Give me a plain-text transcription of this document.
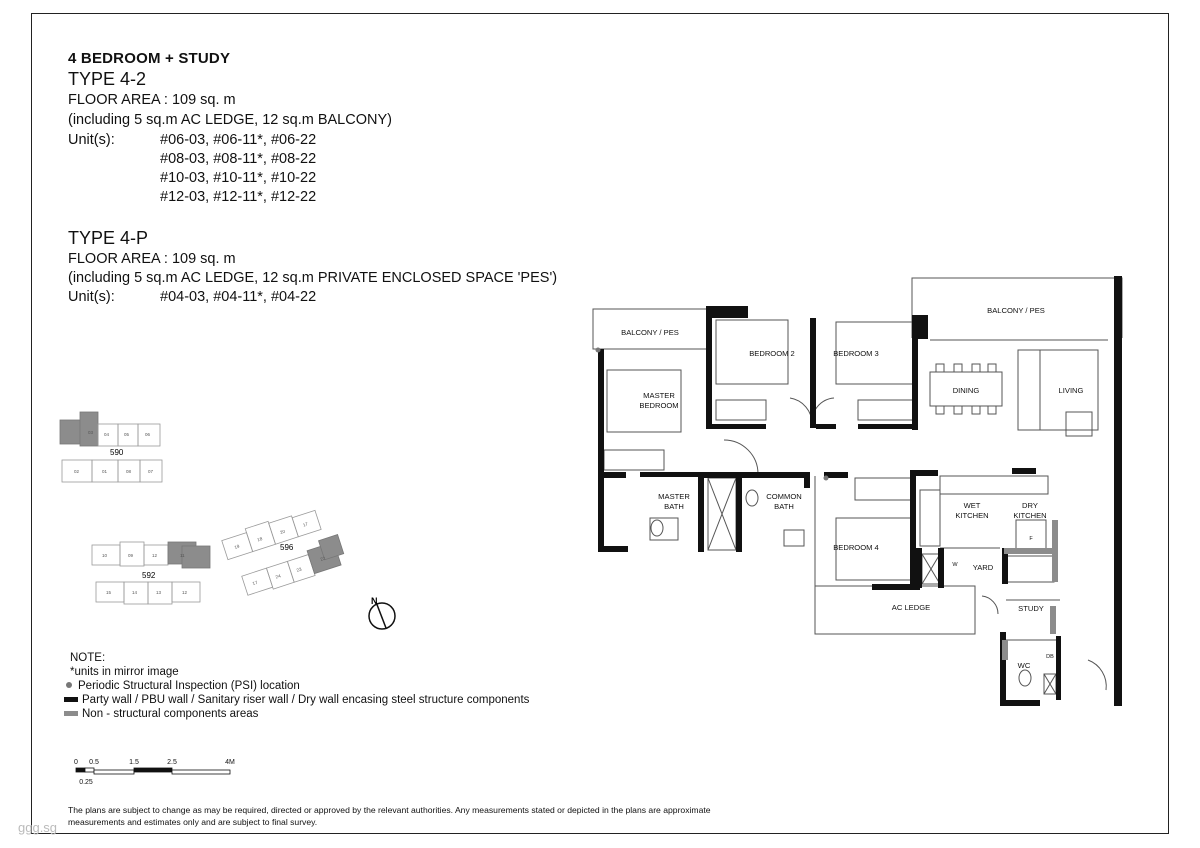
4 BEDROOM + STUDY
TYPE 4-2
FLOOR AREA : 109 sq. m
(including 5 sq.m AC LEDGE, 12 sq.m BALCONY)
Unit(s):	#06-03, #06-11*, #06-22
#08-03, #08-11*, #08-22
#10-03, #10-11*, #10-22
#12-03, #12-11*, #12-22
TYPE 4-P
FLOOR AREA : 109 sq. m
(including 5 sq.m AC LEDGE, 12 sq.m PRIVATE ENCLOSED SPACE 'PES')
Unit(s):	#04-03, #04-11*, #04-22
590
592
596
03 04	05	06
02	01	08	07
10	09	12	11
15	14	13	12
19
18
20
17
17
24
23
22
N
BALCONY / PES
BALCONY / PES
MASTER
BEDROOM
BEDROOM 2	BEDROOM 3
DINING	LIVING
MASTER
BATH
COMMON
BATH	WET
KITCHEN
DRY
KITCHEN
BEDROOM 4
YARD
AC LEDGE	STUDY
WC
W
F
DB
NOTE:
*units in mirror image
Periodic Structural Inspection (PSI) location
Party wall / PBU wall / Sanitary riser wall / Dry wall encasing steel structure components
Non - structural components areas
0 0.5	1.5	2.5	4M
0.25
The plans are subject to change as may be required, directed or approved by the relevant authorities. Any measurements stated or depicted in the plans are approximate
measurements and estimates only and are subject to final survey.
ggg.sg
